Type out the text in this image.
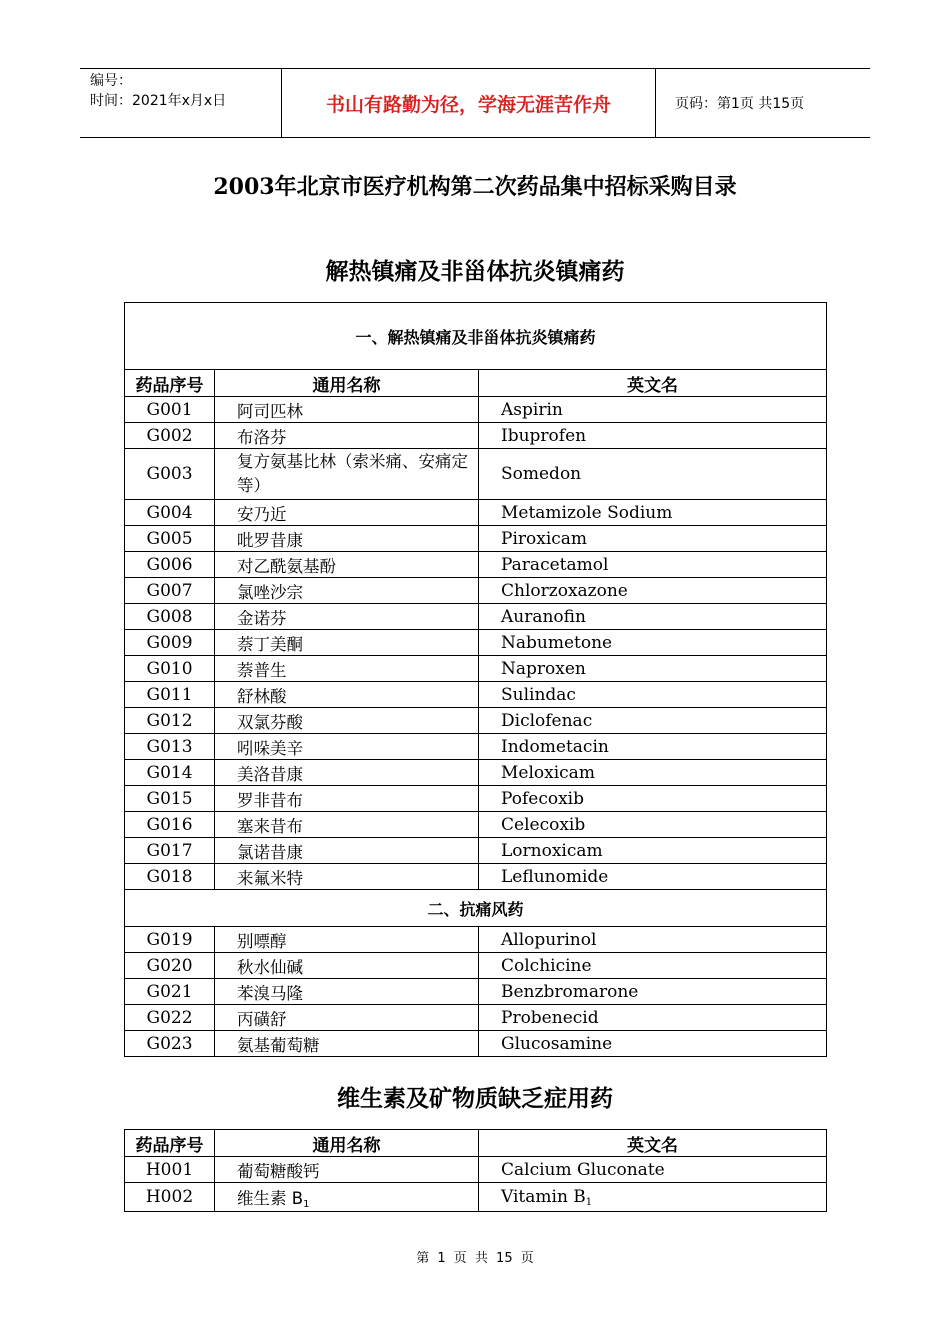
编号：
时间：2021年x月x日	书山有路勤为径，学海无涯苦作舟	页码：第1页 共15页
2003年北京市医疗机构第二次药品集中招标采购目录
解热镇痛及非甾体抗炎镇痛药
一、解热镇痛及非甾体抗炎镇痛药		
药品序号	通用名称	英文名
G001	阿司匹林	Aspirin
G002	布洛芬	Ibuprofen
G003	复方氨基比林（索米痛、安痛定等）	Somedon
G004	安乃近	Metamizole Sodium
G005	吡罗昔康	Piroxicam
G006	对乙酰氨基酚	Paracetamol
G007	氯唑沙宗	Chlorzoxazone
G008	金诺芬	Auranofin
G009	萘丁美酮	Nabumetone
G010	萘普生	Naproxen
G011	舒林酸	Sulindac
G012	双氯芬酸	Diclofenac
G013	吲哚美辛	Indometacin
G014	美洛昔康	Meloxicam
G015	罗非昔布	Pofecoxib
G016	塞来昔布	Celecoxib
G017	氯诺昔康	Lornoxicam
G018	来氟米特	Leflunomide
二、抗痛风药		
G019	别嘌醇	Allopurinol
G020	秋水仙碱	Colchicine
G021	苯溴马隆	Benzbromarone
G022	丙磺舒	Probenecid
G023	氨基葡萄糖	Glucosamine
维生素及矿物质缺乏症用药
药品序号	通用名称	英文名
H001	葡萄糖酸钙	Calcium Gluconate
H002	维生素 $B_1$	Vitamin $B_1$
第 1 页 共 15 页
